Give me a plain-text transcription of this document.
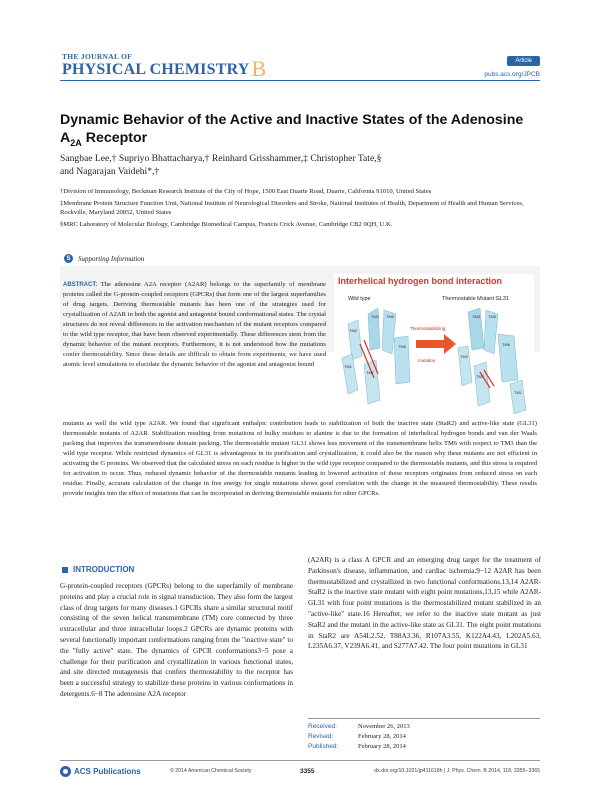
THE JOURNAL OF
PHYSICAL CHEMISTRYB	Article
pubs.acs.org/JPCB
Dynamic Behavior of the Active and Inactive States of the Adenosine $A_{2A}$ Receptor
Sangbae Lee,† Supriyo Bhattacharya,† Reinhard Grisshammer,‡ Christopher Tate,§
and Nagarajan Vaidehi*,†
†Division of Immunology, Beckman Research Institute of the City of Hope, 1500 East Duarte Road, Duarte, California 91010, United States
‡Membrane Protein Structure Function Unit, National Institute of Neurological Disorders and Stroke, National Institutes of Health, Department of Health and Human Services, Rockville, Maryland 20852, United States
§MRC Laboratory of Molecular Biology, Cambridge Biomedical Campus, Francis Crick Avenue, Cambridge CB2 0QH, U.K.
S	Supporting Information
ABSTRACT: The adenosine A2A receptor (A2AR) belongs to the superfamily of membrane proteins called the G-protein-coupled receptors (GPCRs) that form one of the largest superfamilies of drug targets. Deriving thermostable mutants has been one of the strategies used for crystallization of A2AR in both the agonist and antagonist bound conformational states. The crystal structures do not reveal differences in the activation mechanism of the mutant receptors compared to the wild type receptor, that have been observed experimentally. These differences stem from the dynamic behavior of the mutant receptors. Furthermore, it is not understood how the mutations confer thermostability. Since these details are difficult to obtain from experiments, we have used atomic level simulations to elucidate the dynamic behavior of the agonist and antagonist bound
Interhelical hydrogen bond interaction
Wild type	Thermostable Mutant GL31
TM3 TM5
TM6
TM2
TM1
TM7
Thermostabilizing
mutation
TM3 TM5
TM6
TM2
TM1
TM7
mutants as well the wild type A2AR. We found that significant enthalpic contribution leads to stabilization of both the inactive state (StaR2) and active-like state (GL31) thermostable mutants of A2AR. Stabilization resulting from mutations of bulky residues to alanine is due to the formation of interhelical hydrogen bonds and van der Waals packing that improves the transmembrane domain packing. The thermostable mutant GL31 shows less movement of the transmembrane helix TM6 with respect to TM3 than the wild type receptor. While restricted dynamics of GL31 is advantageous in its purification and crystallization, it could also be the reason why these mutants are not efficient in activating the G proteins. We observed that the calculated stress on each residue is higher in the wild type receptor compared to the thermostable mutants, and this stress is required for activation to occur. Thus, reduced dynamic behavior of the thermostable mutants leading to lowered activation of these receptors originates from reduced stress on each residue. Finally, accurate calculation of the change in free energy for single mutations shows good correlation with the change in the measured thermostability. These results provide insights into the effect of mutations that can be incorporated in deriving thermostable mutants for other GPCRs.
INTRODUCTION
G-protein-coupled receptors (GPCRs) belong to the superfamily of membrane proteins and play a crucial role in signal transduction. They also form the largest class of drug targets for many diseases.1 GPCRs share a similar structural motif consisting of the seven helical transmembrane (TM) core connected by three extracellular and three intracellular loops.2 GPCRs are dynamic proteins with several functionally important conformations ranging from the "inactive state" to the "fully active" state. The dynamics of GPCR conformations3−5 pose a challenge for their purification and crystallization in various functional states, and site directed mutagenesis that confers thermostability to the receptor has been a successful strategy to stabilize these proteins in various conformations in detergents.6−8 The adenosine A2A receptor
(A2AR) is a class A GPCR and an emerging drug target for the treatment of Parkinson's disease, inflammation, and cardiac ischemia.9−12 A2AR has been thermostabilized and crystallized in two functional conformations.13,14 A2AR-StaR2 is the inactive state mutant with eight point mutations,13,15 while A2AR-GL31 with four point mutations is the thermostabilized mutant stabilized in an "active-like" state.16 Hereafter, we refer to the inactive state mutant as just StaR2 and the mutant in the active-like state as GL31. The eight point mutations in StaR2 are A54L2.52, T88A3.36, R107A3.55, K122A4.43, L202A5.63, L235A6.37, V239A6.41, and S277A7.42. The four point mutations in GL31
Received:	November 26, 2013
Revised:	February 28, 2014
Published:	February 28, 2014
ACS Publications	© 2014 American Chemical Society	3355	dx.doi.org/10.1021/jp411618h | J. Phys. Chem. B 2014, 118, 3355−3365
